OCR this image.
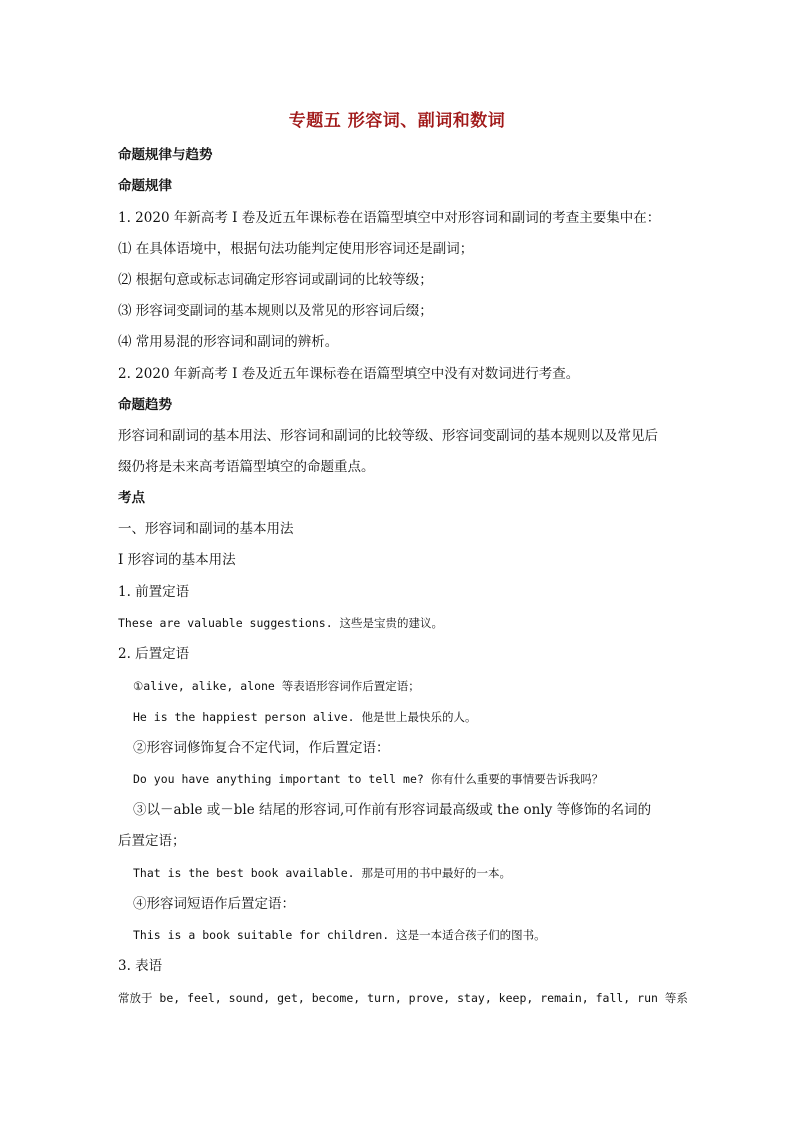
专题五 形容词、副词和数词
命题规律与趋势
命题规律
1. 2020 年新高考 I 卷及近五年课标卷在语篇型填空中对形容词和副词的考查主要集中在：
⑴ 在具体语境中，根据句法功能判定使用形容词还是副词；
⑵ 根据句意或标志词确定形容词或副词的比较等级；
⑶ 形容词变副词的基本规则以及常见的形容词后缀；
⑷ 常用易混的形容词和副词的辨析。
2. 2020 年新高考 I 卷及近五年课标卷在语篇型填空中没有对数词进行考查。
命题趋势
形容词和副词的基本用法、形容词和副词的比较等级、形容词变副词的基本规则以及常见后
缀仍将是未来高考语篇型填空的命题重点。
考点
一、形容词和副词的基本用法
Ⅰ 形容词的基本用法
1. 前置定语
These are valuable suggestions. 这些是宝贵的建议。
2. 后置定语
①alive, alike, alone 等表语形容词作后置定语；
He is the happiest person alive. 他是世上最快乐的人。
②形容词修饰复合不定代词，作后置定语：
Do you have anything important to tell me? 你有什么重要的事情要告诉我吗？
③以－able 或－ble 结尾的形容词,可作前有形容词最高级或 the only 等修饰的名词的
后置定语；
That is the best book available. 那是可用的书中最好的一本。
④形容词短语作后置定语：
This is a book suitable for children. 这是一本适合孩子们的图书。
3. 表语
常放于 be, feel, sound, get, become, turn, prove, stay, keep, remain, fall, run 等系
